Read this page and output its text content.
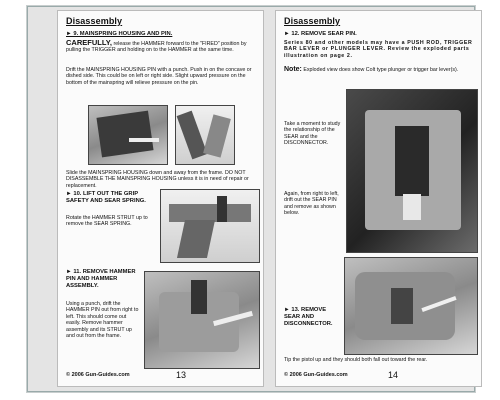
Disassembly
► 9. MAINSPRING HOUSING AND PIN.
CAREFULLY, release the HAMMER forward to the "FIRED" position by pulling the TRIGGER and holding on to the HAMMER at the same time.
Drift the MAINSPRING HOUSING PIN with a punch. Push in on the concave or dished side. This could be on left or right side. Slight upward pressure on the bottom of the mainspring will relieve pressure on the pin.
Slide the MAINSPRING HOUSING down and away from the frame. DO NOT DISASSEMBLE THE MAINSPRING HOUSING unless it is in need of repair or replacement.
► 10. LIFT OUT THE GRIP SAFETY AND SEAR SPRING.
Rotate the HAMMER STRUT up to remove the SEAR SPRING.
► 11. REMOVE HAMMER PIN AND HAMMER ASSEMBLY.
Using a punch, drift the HAMMER PIN out from right to left. This should come out easily. Remove hammer assembly and its STRUT up and out from the frame.
© 2006 Gun-Guides.com	13
Disassembly
► 12. REMOVE SEAR PIN.
Series 80 and other models may have a PUSH ROD, TRIGGER BAR LEVER or PLUNGER LEVER. Review the exploded parts illustration on page 2.
Note: Exploded view does show Colt type plunger or trigger bar lever(s).
Take a moment to study the relationship of the SEAR and the DISCONNECTOR.
Again, from right to left, drift out the SEAR PIN and remove as shown below.
► 13. REMOVE SEAR AND DISCONNECTOR.
Tip the pistol up and they should both fall out toward the rear.
© 2006 Gun-Guides.com	14
